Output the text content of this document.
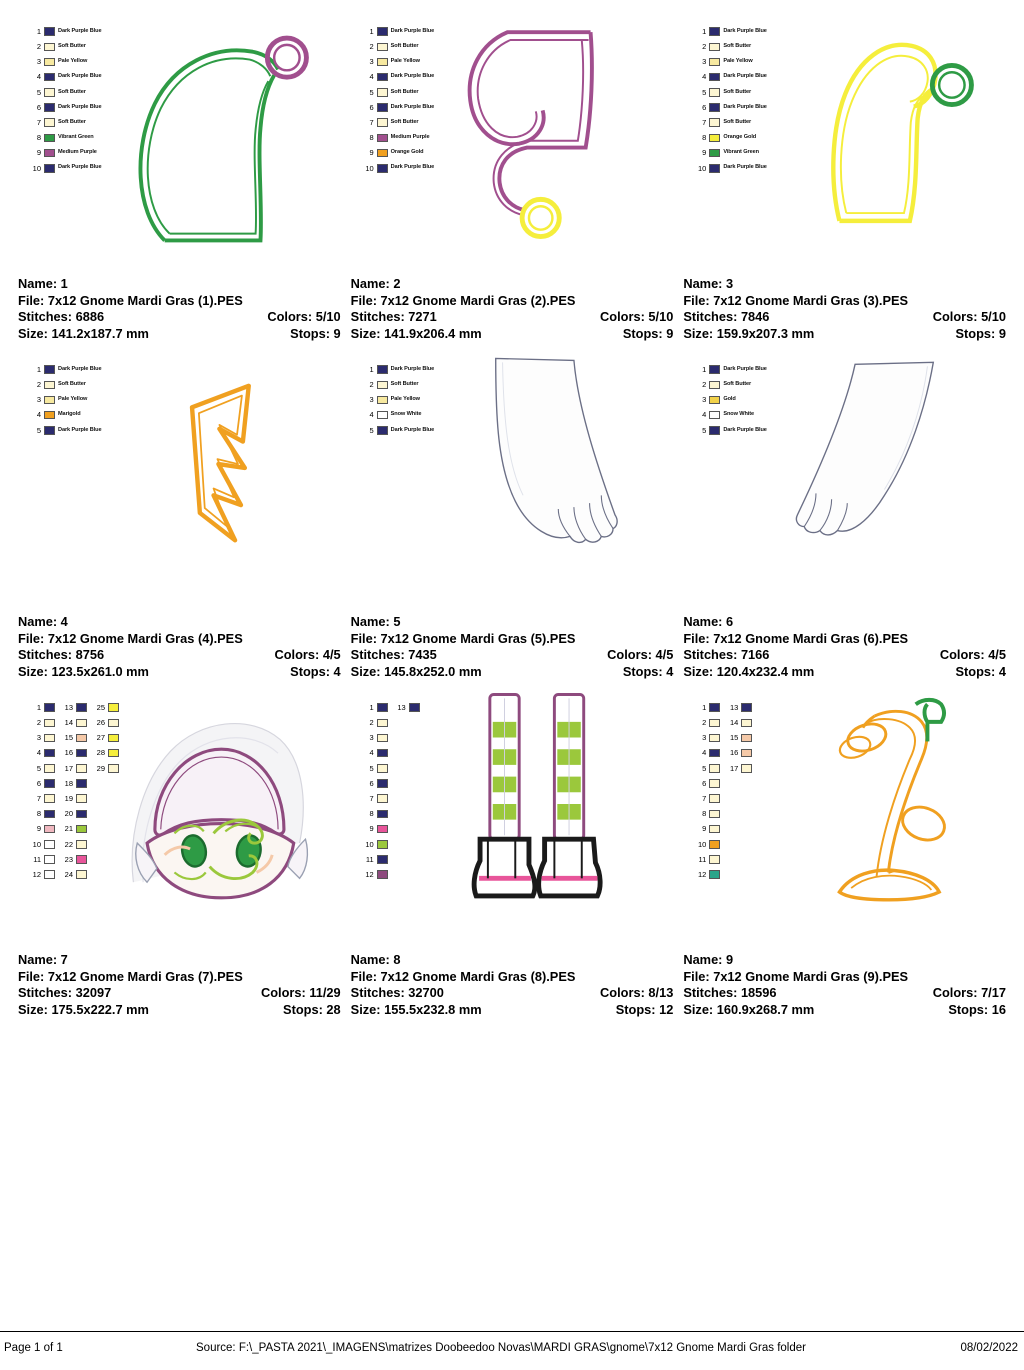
1	Dark Purple Blue
2	Soft Butter
3	Pale Yellow
4	Dark Purple Blue
5	Soft Butter
6	Dark Purple Blue
7	Soft Butter
8	Vibrant Green
9	Medium Purple
10	Dark Purple Blue
Name: 1
File: 7x12 Gnome Mardi Gras (1).PES
Stitches: 6886	Colors: 5/10
Size: 141.2x187.7 mm	Stops: 9
1	Dark Purple Blue
2	Soft Butter
3	Pale Yellow
4	Dark Purple Blue
5	Soft Butter
6	Dark Purple Blue
7	Soft Butter
8	Medium Purple
9	Orange Gold
10	Dark Purple Blue
Name: 2
File: 7x12 Gnome Mardi Gras (2).PES
Stitches: 7271	Colors: 5/10
Size: 141.9x206.4 mm	Stops: 9
1	Dark Purple Blue
2	Soft Butter
3	Pale Yellow
4	Dark Purple Blue
5	Soft Butter
6	Dark Purple Blue
7	Soft Butter
8	Orange Gold
9	Vibrant Green
10	Dark Purple Blue
Name: 3
File: 7x12 Gnome Mardi Gras (3).PES
Stitches: 7846	Colors: 5/10
Size: 159.9x207.3 mm	Stops: 9
1	Dark Purple Blue
2	Soft Butter
3	Pale Yellow
4	Marigold
5	Dark Purple Blue
Name: 4
File: 7x12 Gnome Mardi Gras (4).PES
Stitches: 8756	Colors: 4/5
Size: 123.5x261.0 mm	Stops: 4
1	Dark Purple Blue
2	Soft Butter
3	Pale Yellow
4	Snow White
5	Dark Purple Blue
Name: 5
File: 7x12 Gnome Mardi Gras (5).PES
Stitches: 7435	Colors: 4/5
Size: 145.8x252.0 mm	Stops: 4
1	Dark Purple Blue
2	Soft Butter
3	Gold
4	Snow White
5	Dark Purple Blue
Name: 6
File: 7x12 Gnome Mardi Gras (6).PES
Stitches: 7166	Colors: 4/5
Size: 120.4x232.4 mm	Stops: 4
1
2
3
4
5
6
7
8
9
10
11
12
13
14
15
16
17
18
19
20
21
22
23
24
25
26
27
28
29
Name: 7
File: 7x12 Gnome Mardi Gras (7).PES
Stitches: 32097	Colors: 11/29
Size: 175.5x222.7 mm	Stops: 28
1
2
3
4
5
6
7
8
9
10
11
12
13
Name: 8
File: 7x12 Gnome Mardi Gras (8).PES
Stitches: 32700	Colors: 8/13
Size: 155.5x232.8 mm	Stops: 12
1
2
3
4
5
6
7
8
9
10
11
12
13
14
15
16
17
Name: 9
File: 7x12 Gnome Mardi Gras (9).PES
Stitches: 18596	Colors: 7/17
Size: 160.9x268.7 mm	Stops: 16
Page 1 of 1	Source: F:\_PASTA 2021\_IMAGENS\matrizes Doobeedoo Novas\MARDI GRAS\gnome\7x12 Gnome Mardi Gras folder	08/02/2022
